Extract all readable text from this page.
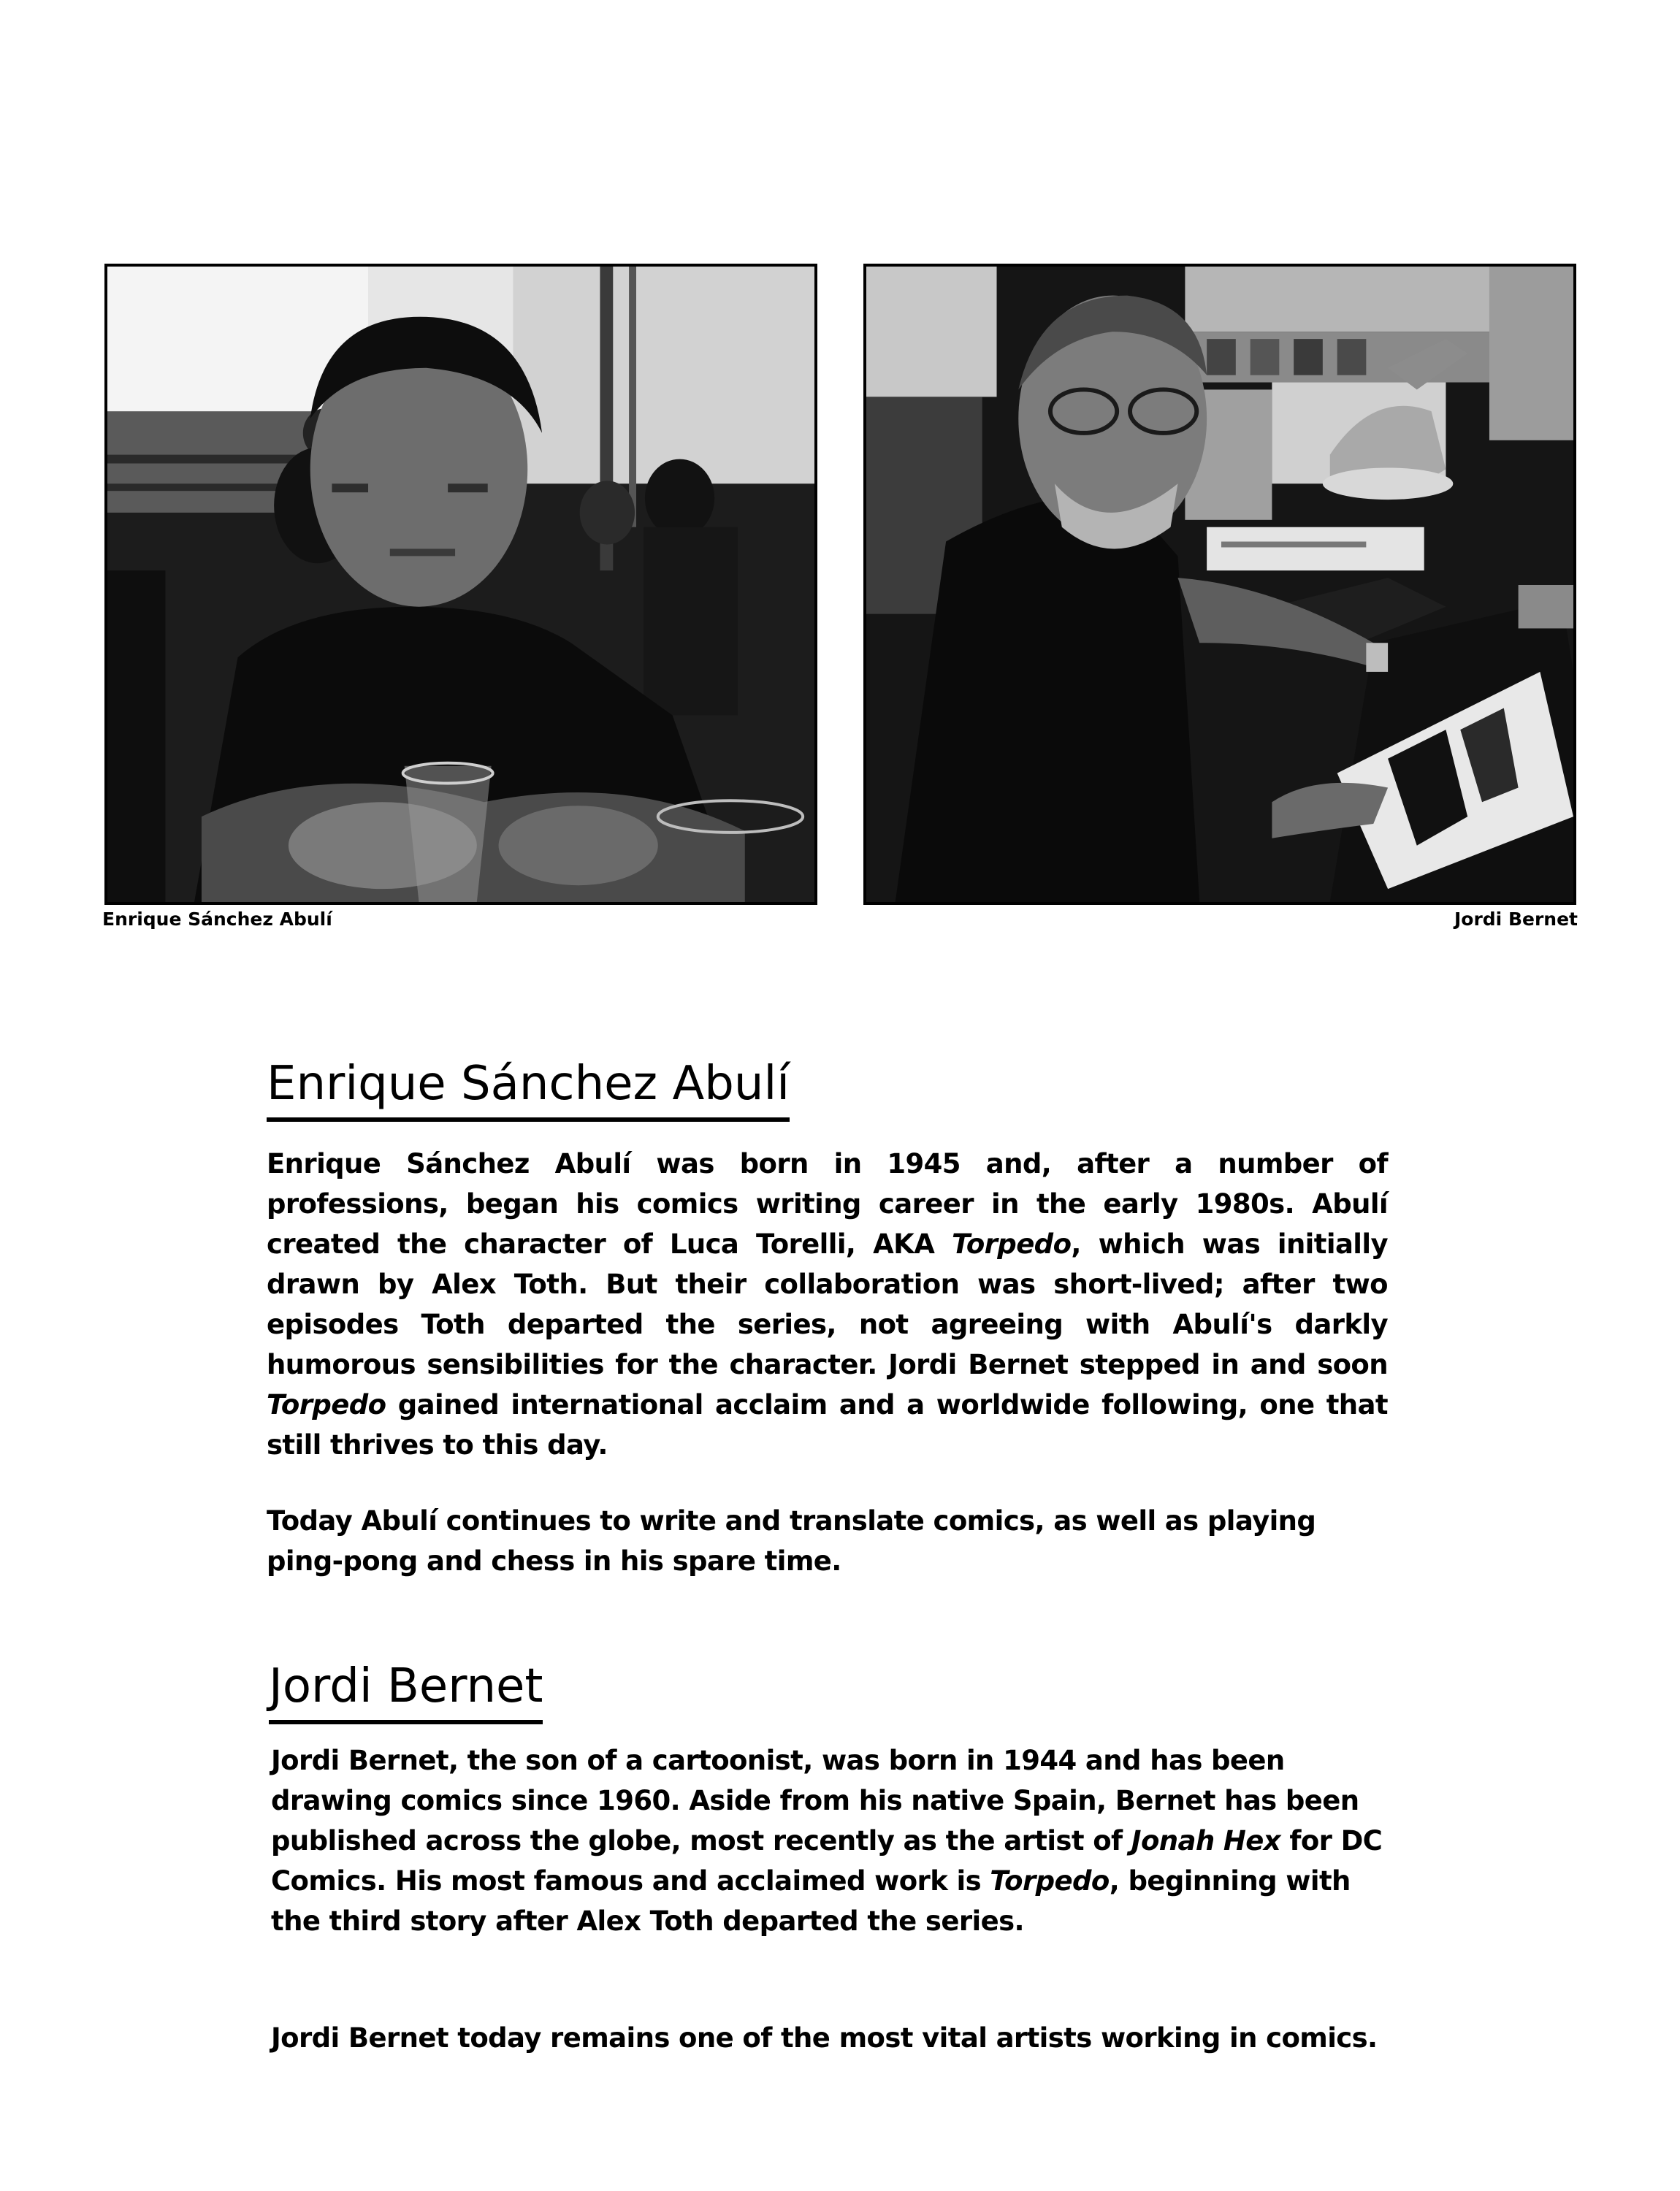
Enrique Sánchez Abulí	Jordi Bernet
Enrique Sánchez Abulí

Enrique Sánchez Abulí was born in 1945 and, after a number of professions, began his comics writing career in the early 1980s. Abulí created the character of Luca Torelli, AKA Torpedo, which was initially drawn by Alex Toth. But their collaboration was short-lived; after two episodes Toth departed the series, not agreeing with Abulí's darkly humorous sensibilities for the character. Jordi Bernet stepped in and soon Torpedo gained international acclaim and a worldwide following, one that still thrives to this day.

Today Abulí continues to write and translate comics, as well as playing ping-pong and chess in his spare time.

Jordi Bernet

Jordi Bernet, the son of a cartoonist, was born in 1944 and has been drawing comics since 1960. Aside from his native Spain, Bernet has been published across the globe, most recently as the artist of Jonah Hex for DC Comics. His most famous and acclaimed work is Torpedo, beginning with the third story after Alex Toth departed the series.

Jordi Bernet today remains one of the most vital artists working in comics.
